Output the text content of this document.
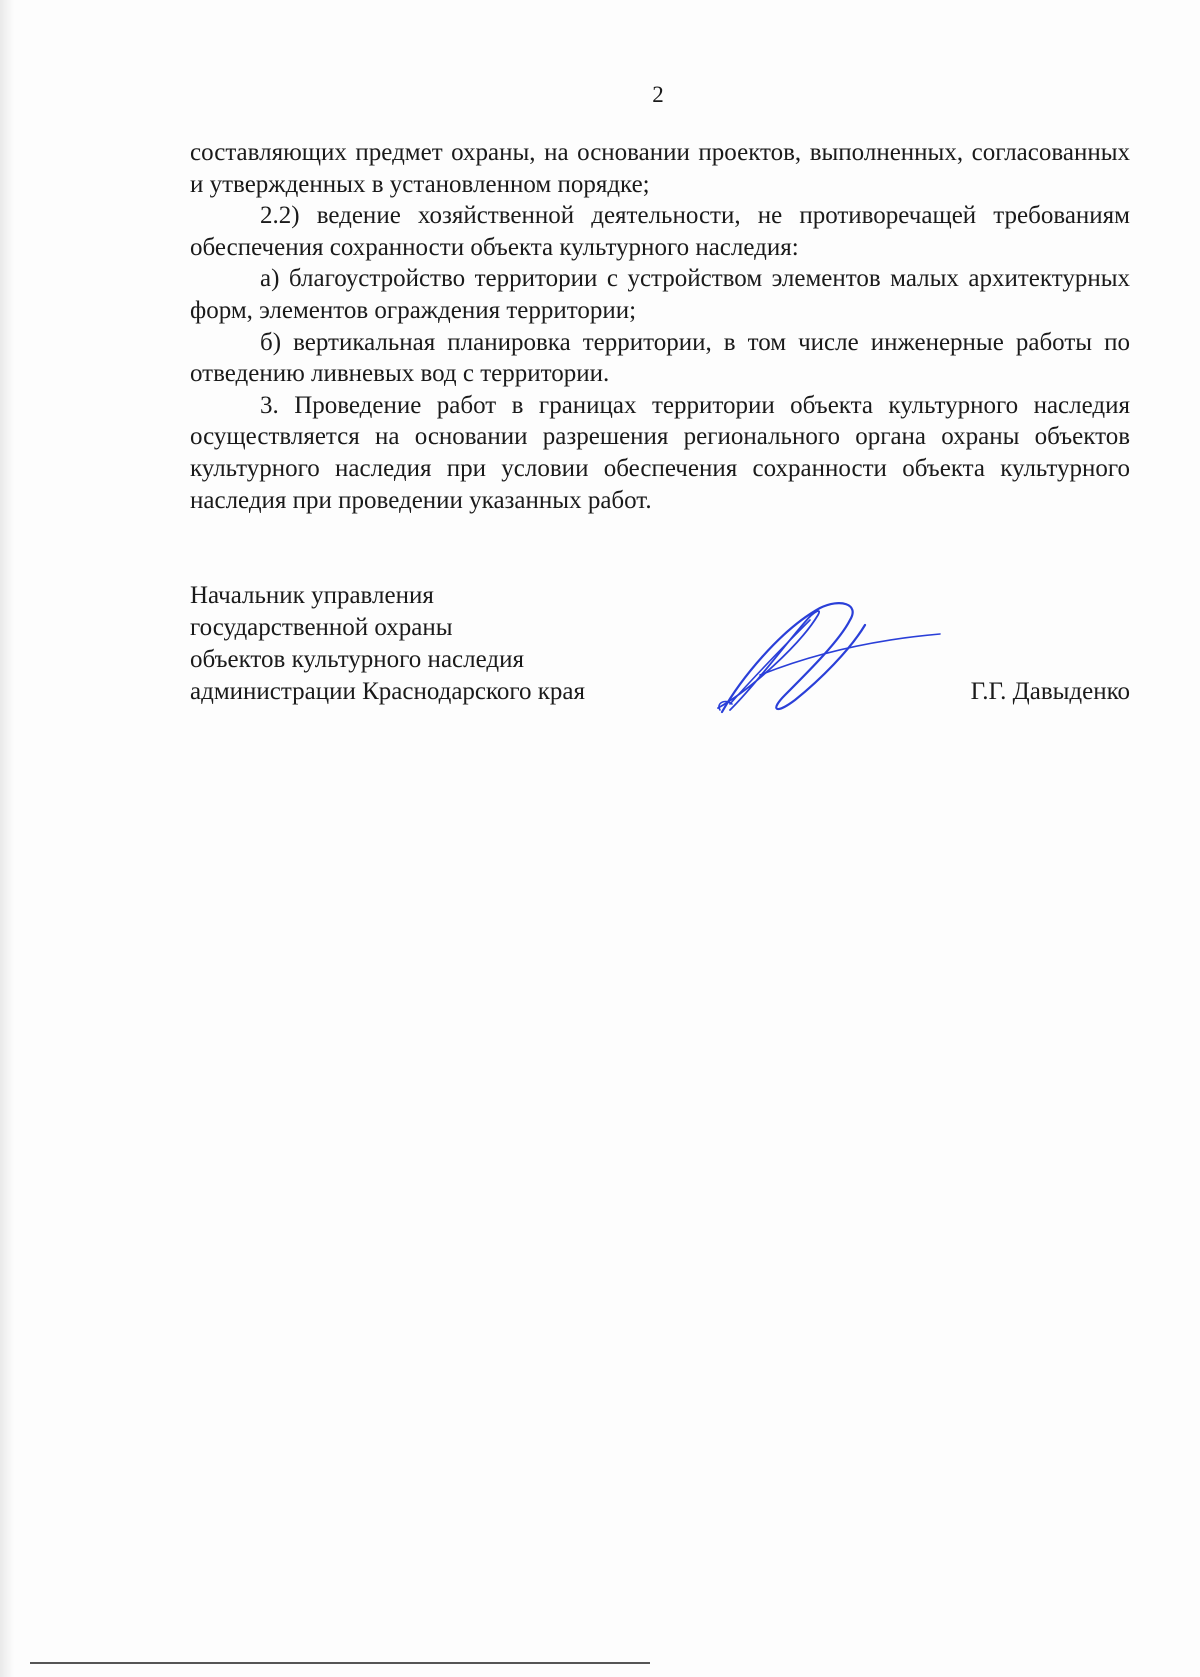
2

составляющих предмет охраны, на основании проектов, выполненных, согласованных и утвержденных в установленном порядке;

2.2) ведение хозяйственной деятельности, не противоречащей требованиям обеспечения сохранности объекта культурного наследия:

а) благоустройство территории с устройством элементов малых архитектурных форм, элементов ограждения территории;

б) вертикальная планировка территории, в том числе инженерные работы по отведению ливневых вод с территории.

3. Проведение работ в границах территории объекта культурного наследия осуществляется на основании разрешения регионального органа охраны объектов культурного наследия при условии обеспечения сохранности объекта культурного наследия при проведении указанных работ.

Начальник управления
государственной охраны
объектов культурного наследия
администрации Краснодарского края	Г.Г. Давыденко
